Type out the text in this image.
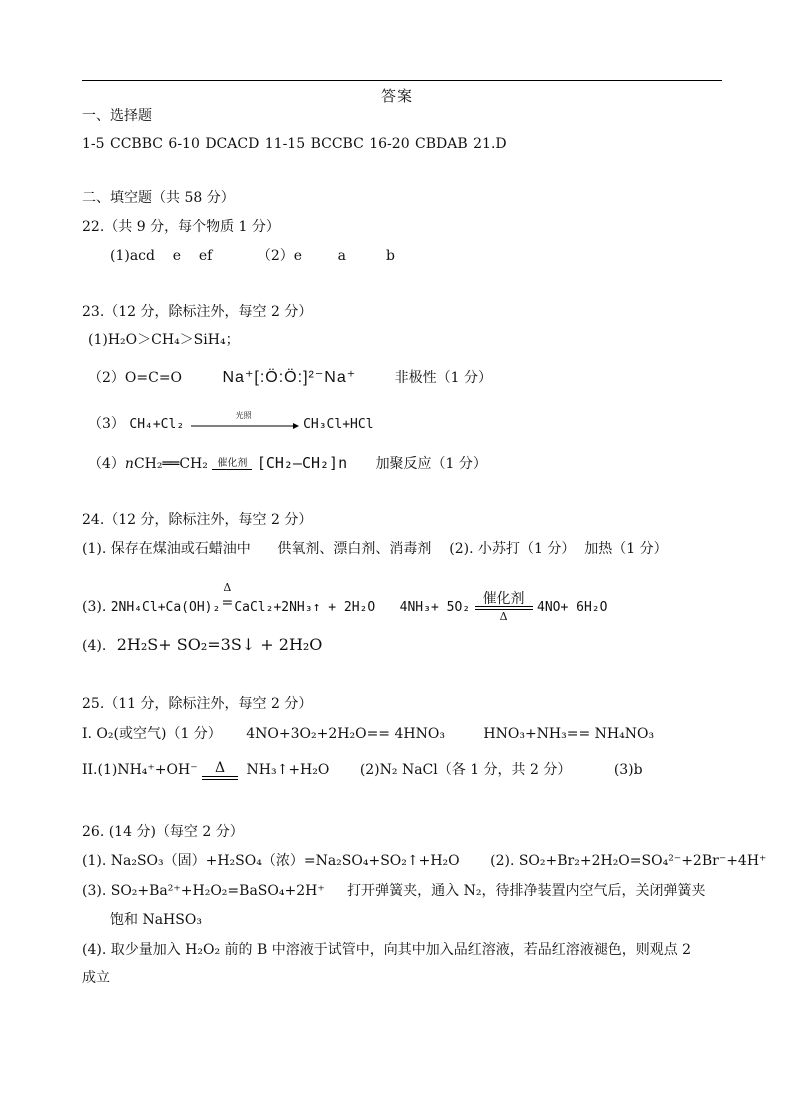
答案
一、选择题
1-5 CCBBC 6-10 DCACD 11-15 BCCBC 16-20 CBDAB 21.D
二、填空题（共 58 分）
22.（共 9 分，每个物质 1 分）
(1)acd    e    ef          （2）e        a         b
23.（12 分，除标注外，每空 2 分）
(1)H₂O＞CH₄＞SiH₄；
（2）O=C=O	Na⁺[:Ö:Ö:]²⁻Na⁺	非极性（1 分）
（3） CH₄+Cl₂
光照
CH₃Cl+HCl
（4）nCH₂══CH₂ 催化剂 [CH₂—CH₂]n 加聚反应（1 分）
24.（12 分，除标注外，每空 2 分）
(1). 保存在煤油或石蜡油中      供氧剂、漂白剂、消毒剂    (2). 小苏打（1 分）  加热（1 分）
(3). 2NH₄Cl+Ca(OH)₂
Δ
= CaCl₂+2NH₃↑ + 2H₂O 4NH₃+ 5O₂
催化剂
Δ
4NO+ 6H₂O
(4). 2H₂S+ SO₂=3S↓ + 2H₂O
25.（11 分，除标注外，每空 2 分）
I. O₂(或空气)（1 分） 4NO+3O₂+2H₂O== 4HNO₃	HNO₃+NH₃== NH₄NO₃
II.(1)NH₄⁺+OH⁻	Δ	NH₃↑+H₂O (2)N₂ NaCl（各 1 分，共 2 分）	(3)b
26. (14 分)（每空 2 分）
(1). Na₂SO₃（固）+H₂SO₄（浓）=Na₂SO₄+SO₂↑+H₂O (2). SO₂+Br₂+2H₂O=SO₄²⁻+2Br⁻+4H⁺
(3). SO₂+Ba²⁺+H₂O₂=BaSO₄+2H⁺ 打开弹簧夹，通入 N₂，待排净装置内空气后，关闭弹簧夹
饱和 NaHSO₃
(4). 取少量加入 H₂O₂ 前的 B 中溶液于试管中，向其中加入品红溶液，若品红溶液褪色，则观点 2
成立
